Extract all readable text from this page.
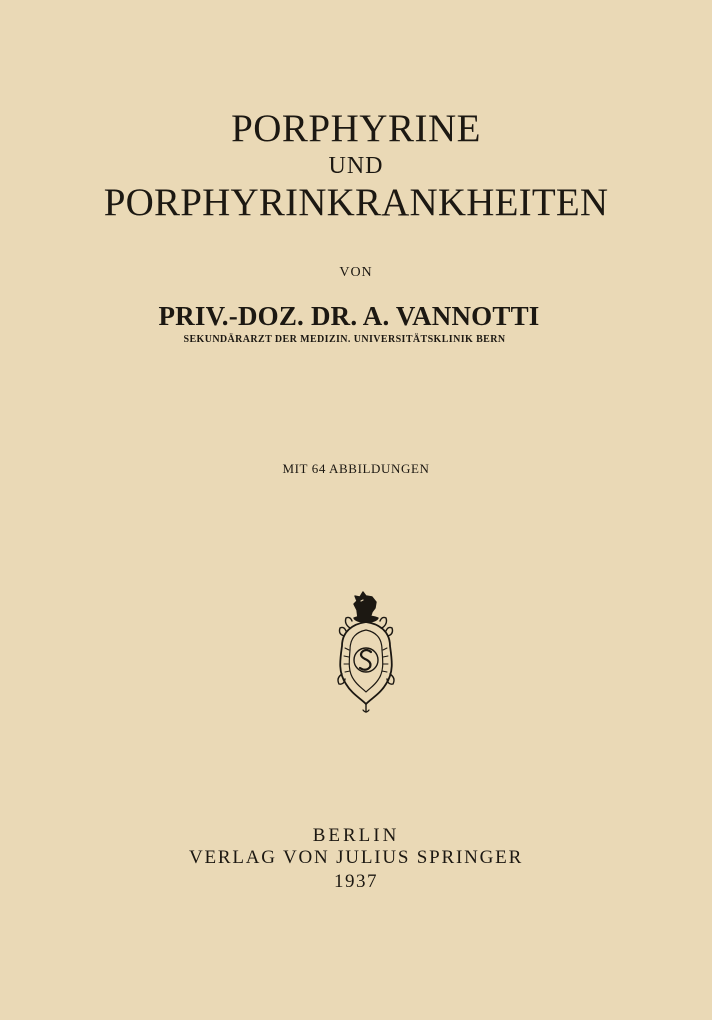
PORPHYRINE
UND
PORPHYRINKRANKHEITEN
VON
PRIV.-DOZ. DR. A. VANNOTTI
SEKUNDÄRARZT DER MEDIZIN. UNIVERSITÄTSKLINIK BERN
MIT 64 ABBILDUNGEN
BERLIN
VERLAG VON JULIUS SPRINGER
1937
